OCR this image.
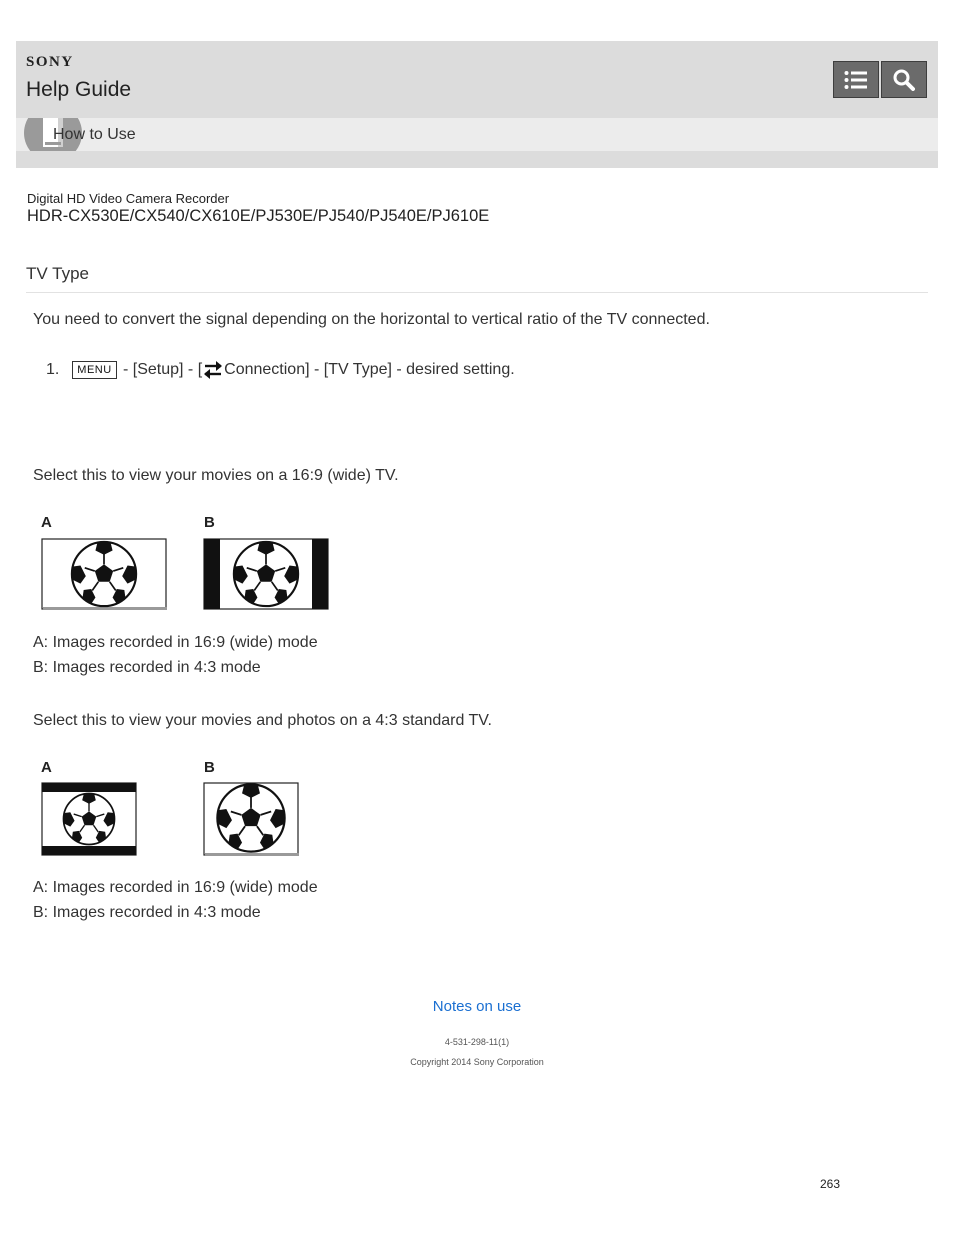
SONY
Help Guide
How to Use
Digital HD Video Camera Recorder
HDR-CX530E/CX540/CX610E/PJ530E/PJ540/PJ540E/PJ610E
TV Type
You need to convert the signal depending on the horizontal to vertical ratio of the TV connected.
1.	MENU - [Setup] - [ Connection] - [TV Type] - desired setting.
Select this to view your movies on a 16:9 (wide) TV.
A	B
A: Images recorded in 16:9 (wide) mode
B: Images recorded in 4:3 mode
Select this to view your movies and photos on a 4:3 standard TV.
A	B
A: Images recorded in 16:9 (wide) mode
B: Images recorded in 4:3 mode
Notes on use
4-531-298-11(1)
Copyright 2014 Sony Corporation
263
